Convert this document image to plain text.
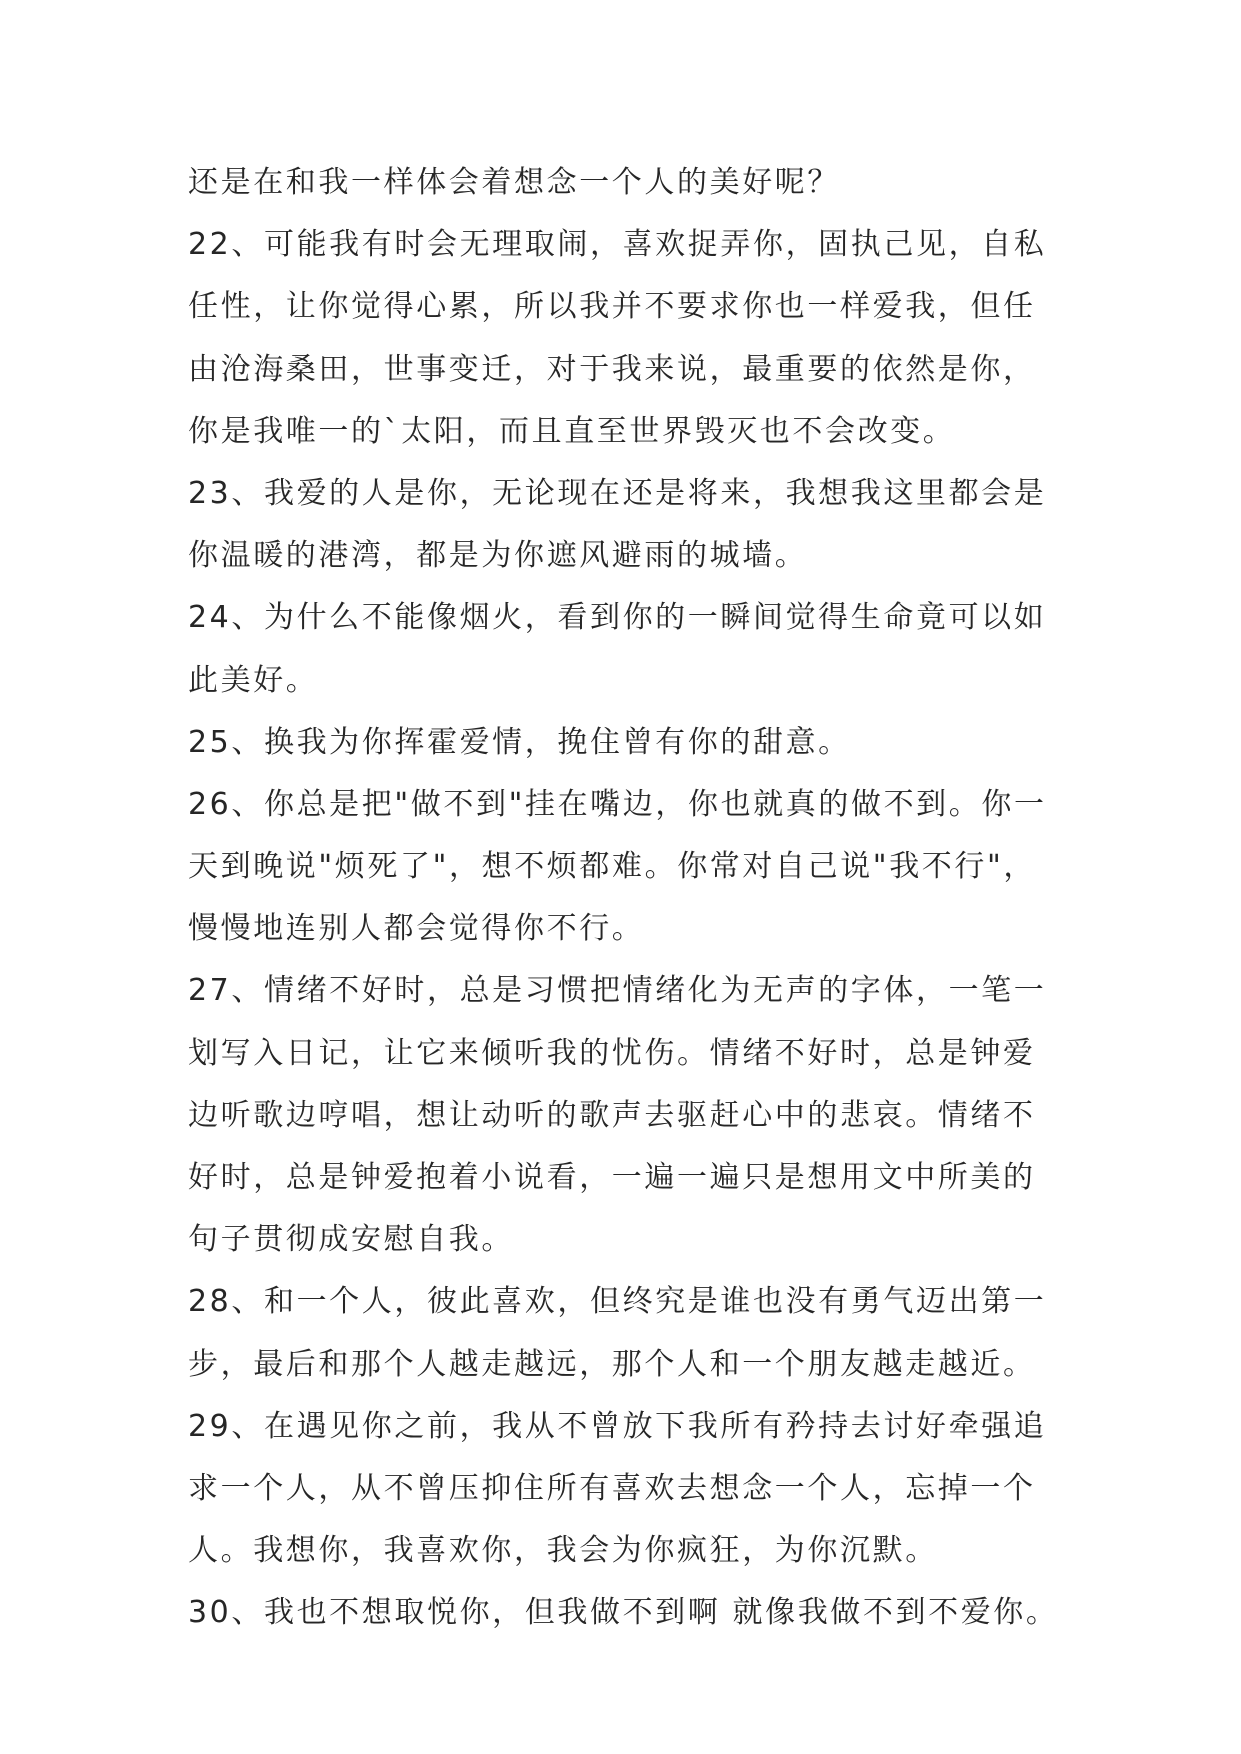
还是在和我一样体会着想念一个人的美好呢？
22、可能我有时会无理取闹，喜欢捉弄你，固执己见，自私
任性，让你觉得心累，所以我并不要求你也一样爱我，但任
由沧海桑田，世事变迁，对于我来说，最重要的依然是你，
你是我唯一的`太阳，而且直至世界毁灭也不会改变。
23、我爱的人是你，无论现在还是将来，我想我这里都会是
你温暖的港湾，都是为你遮风避雨的城墙。
24、为什么不能像烟火，看到你的一瞬间觉得生命竟可以如
此美好。
25、换我为你挥霍爱情，挽住曾有你的甜意。
26、你总是把"做不到"挂在嘴边，你也就真的做不到。你一
天到晚说"烦死了"，想不烦都难。你常对自己说"我不行"，
慢慢地连别人都会觉得你不行。
27、情绪不好时，总是习惯把情绪化为无声的字体，一笔一
划写入日记，让它来倾听我的忧伤。情绪不好时，总是钟爱
边听歌边哼唱，想让动听的歌声去驱赶心中的悲哀。情绪不
好时，总是钟爱抱着小说看，一遍一遍只是想用文中所美的
句子贯彻成安慰自我。
28、和一个人，彼此喜欢，但终究是谁也没有勇气迈出第一
步，最后和那个人越走越远，那个人和一个朋友越走越近。
29、在遇见你之前，我从不曾放下我所有矜持去讨好牵强追
求一个人，从不曾压抑住所有喜欢去想念一个人，忘掉一个
人。我想你，我喜欢你，我会为你疯狂，为你沉默。
30、我也不想取悦你，但我做不到啊 就像我做不到不爱你。
